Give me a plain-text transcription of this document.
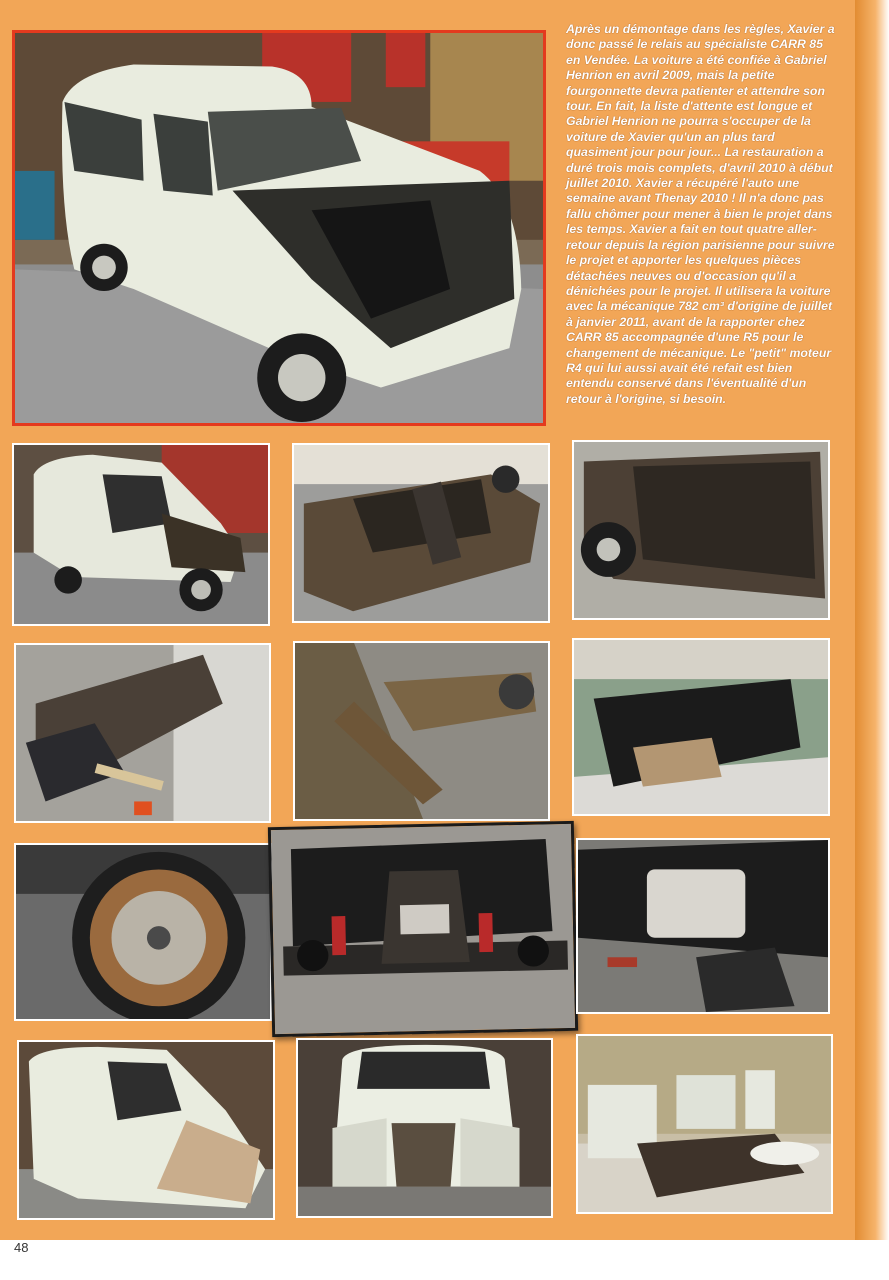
Après un démontage dans les règles, Xavier a donc passé le relais au spécialiste CARR 85 en Vendée. La voiture a été confiée à Gabriel Henrion en avril 2009, mais la petite fourgonnette devra patienter et attendre son tour. En fait, la liste d'attente est longue et Gabriel Henrion ne pourra s'occuper de la voiture de Xavier qu'un an plus tard quasiment jour pour jour... La restauration a duré trois mois complets, d'avril 2010 à début juillet 2010. Xavier a récupéré l'auto une semaine avant Thenay 2010 ! Il n'a donc pas fallu chômer pour mener à bien le projet dans les temps. Xavier a fait en tout quatre aller-retour depuis la région parisienne pour suivre le projet et apporter les quelques pièces détachées neuves ou d'occasion qu'il a dénichées pour le projet. Il utilisera la voiture avec la mécanique 782 cm³ d'origine de juillet à janvier 2011, avant de la rapporter chez CARR 85 accompagnée d'une R5 pour le changement de mécanique. Le "petit" moteur R4 qui lui aussi avait été refait est bien entendu conservé dans l'éventualité d'un retour à l'origine, si besoin.

48
